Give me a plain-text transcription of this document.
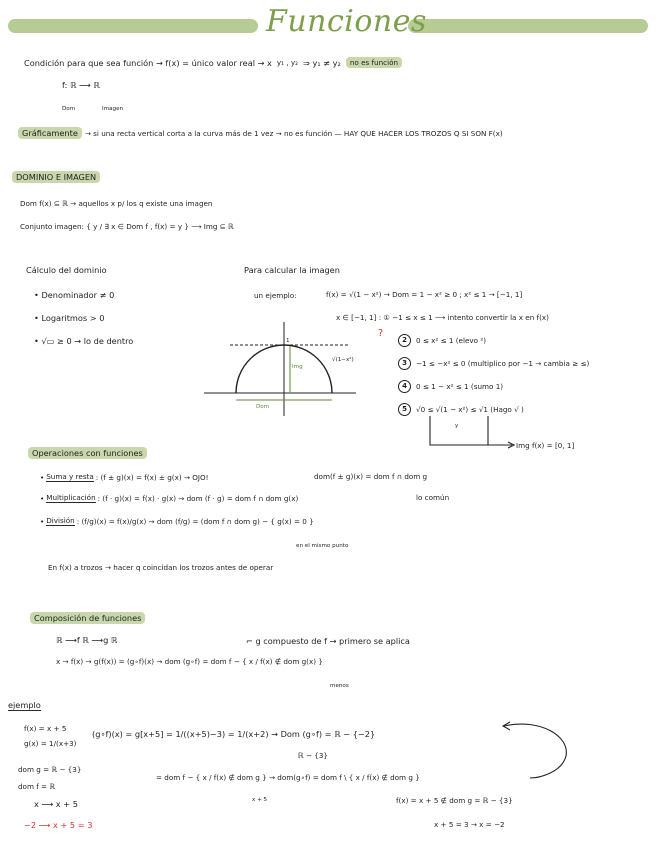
Funciones
Condición para que sea función → f(x) = único valor real → x y₁ , y₂ ⇒ y₁ ≠ y₂	no es función
f: ℝ ⟶ ℝ
Dom	Imagen
Gráficamente → si una recta vertical corta a la curva más de 1 vez → no es función — HAY QUE HACER LOS TROZOS Q SI SON F(x)
DOMINIO E IMAGEN
Dom f(x) ⊆ ℝ → aquellos x p/ los q existe una imagen
Conjunto imagen: { y / ∃ x ∈ Dom f , f(x) = y } ⟶ Img ⊆ ℝ
Cálculo del dominio
• Denominador ≠ 0
• Logaritmos > 0
• √▭ ≥ 0 → lo de dentro
Para calcular la imagen
un ejemplo:	f(x) = √(1 − x²) → Dom = 1 − x² ≥ 0 ; x² ≤ 1 → [−1, 1]
x ∈ [−1, 1] : ① −1 ≤ x ≤ 1 ⟶ intento convertir la x en f(x)
?
2	0 ≤ x² ≤ 1 (elevo ²)
3	−1 ≤ −x² ≤ 0 (multiplico por −1 → cambia ≥ ≤)
4	0 ≤ 1 − x² ≤ 1 (sumo 1)
5	√0 ≤ √(1 − x²) ≤ √1 (Hago √ )
y
Img f(x) = [0, 1]
1
Img
√(1−x²)
Dom
Operaciones con funciones
• Suma y resta : (f ± g)(x) = f(x) ± g(x) ⇝ OJO!	dom(f ± g)(x) = dom f ∩ dom g
lo común
• Multiplicación : (f · g)(x) = f(x) · g(x) ⇝ dom (f · g) = dom f ∩ dom g(x)
• División : (f/g)(x) = f(x)/g(x) ⇝ dom (f/g) = (dom f ∩ dom g) − { g(x) = 0 }
en el mismo punto
En f(x) a trozos → hacer q coincidan los trozos antes de operar
Composición de funciones
ℝ ⟶f ℝ ⟶g ℝ	⌐ g compuesto de f → primero se aplica
x → f(x) → g(f(x)) = (g∘f)(x) → dom (g∘f) = dom f − { x / f(x) ∉ dom g(x) }
menos
ejemplo
f(x) = x + 5
g(x) = 1/(x+3)
(g∘f)(x) = g[x+5] = 1/((x+5)−3) = 1/(x+2) → Dom (g∘f) = ℝ − {−2}
ℝ − {3}
dom g = ℝ − {3}
dom f = ℝ
= dom f − { x / f(x) ∉ dom g } ⇝ dom(g∘f) = dom f \ { x / f(x) ∉ dom g }
x + 5
x ⟶ x + 5	f(x) = x + 5 ∉ dom g = ℝ − {3}
−2 ⟶ x + 5 = 3	x + 5 = 3 → x = −2
